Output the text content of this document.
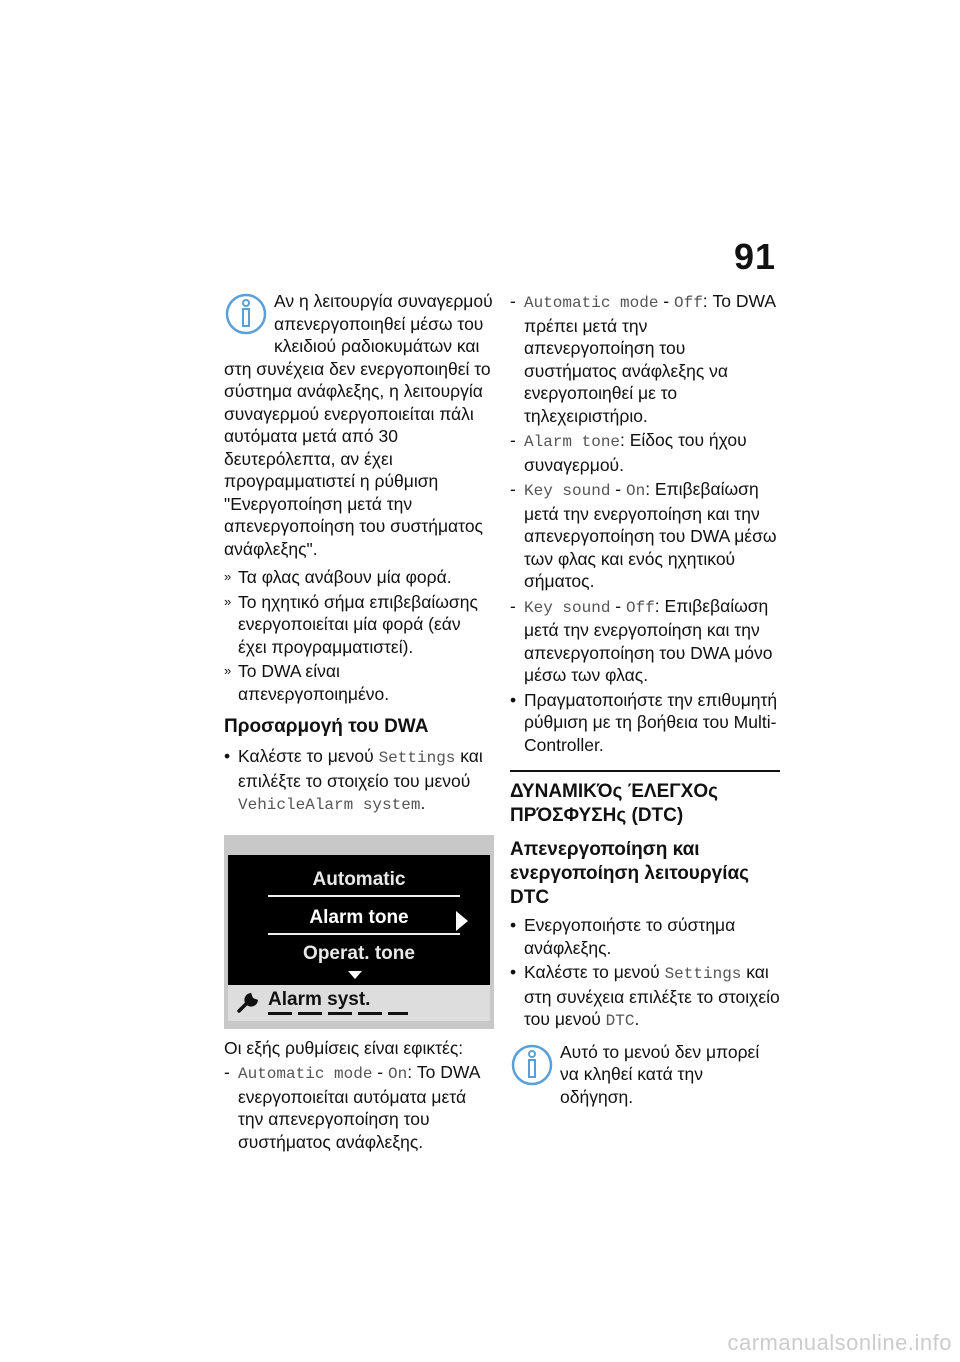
91

Αν η λειτουργία συναγερμού απενεργοποιηθεί μέσω του κλειδιού ραδιοκυμάτων και στη συνέχεια δεν ενεργοποιηθεί το σύστημα ανάφλεξης, η λειτουργία συναγερμού ενεργοποιείται πάλι αυτόματα μετά από 30 δευτερόλεπτα, αν έχει προγραμματιστεί η ρύθμιση "Ενεργοποίηση μετά την απενεργοποίηση του συστήματος ανάφλεξης".

» Τα φλας ανάβουν μία φορά.
» Το ηχητικό σήμα επιβεβαίωσης ενεργοποιείται μία φορά (εάν έχει προγραμματιστεί).
» Το DWA είναι απενεργοποιημένο.
Προσαρμογή του DWA
• Καλέστε το μενού Settings και επιλέξτε το στοιχείο του μενού VehicleAlarm system.
Automatic
Alarm tone
Operat. tone
Alarm syst.

Οι εξής ρυθμίσεις είναι εφικτές:

- Automatic mode - On: Το DWA ενεργοποιείται αυτόματα μετά την απενεργοποίηση του συστήματος ανάφλεξης.
- Automatic mode - Off: Το DWA πρέπει μετά την απενεργοποίηση του συστήματος ανάφλεξης να ενεργοποιηθεί με το τηλεχειριστήριο.
- Alarm tone: Είδος του ήχου συναγερμού.
- Key sound - On: Επιβεβαίωση μετά την ενεργοποίηση και την απενεργοποίηση του DWA μέσω των φλας και ενός ηχητικού σήματος.
- Key sound - Off: Επιβεβαίωση μετά την ενεργοποίηση και την απενεργοποίηση του DWA μόνο μέσω των φλας.
• Πραγματοποιήστε την επιθυμητή ρύθμιση με τη βοήθεια του Multi-Controller.
ΔΥΝΑΜΙΚΌς ΈΛΕΓΧΟς ΠΡΌΣΦΥΣΗς (DTC)
Απενεργοποίηση και ενεργοποίηση λειτουργίας DTC
• Ενεργοποιήστε το σύστημα ανάφλεξης.
• Καλέστε το μενού Settings και στη συνέχεια επιλέξτε το στοιχείο του μενού DTC.

Αυτό το μενού δεν μπορεί να κληθεί κατά την οδήγηση.

carmanualsonline.info
